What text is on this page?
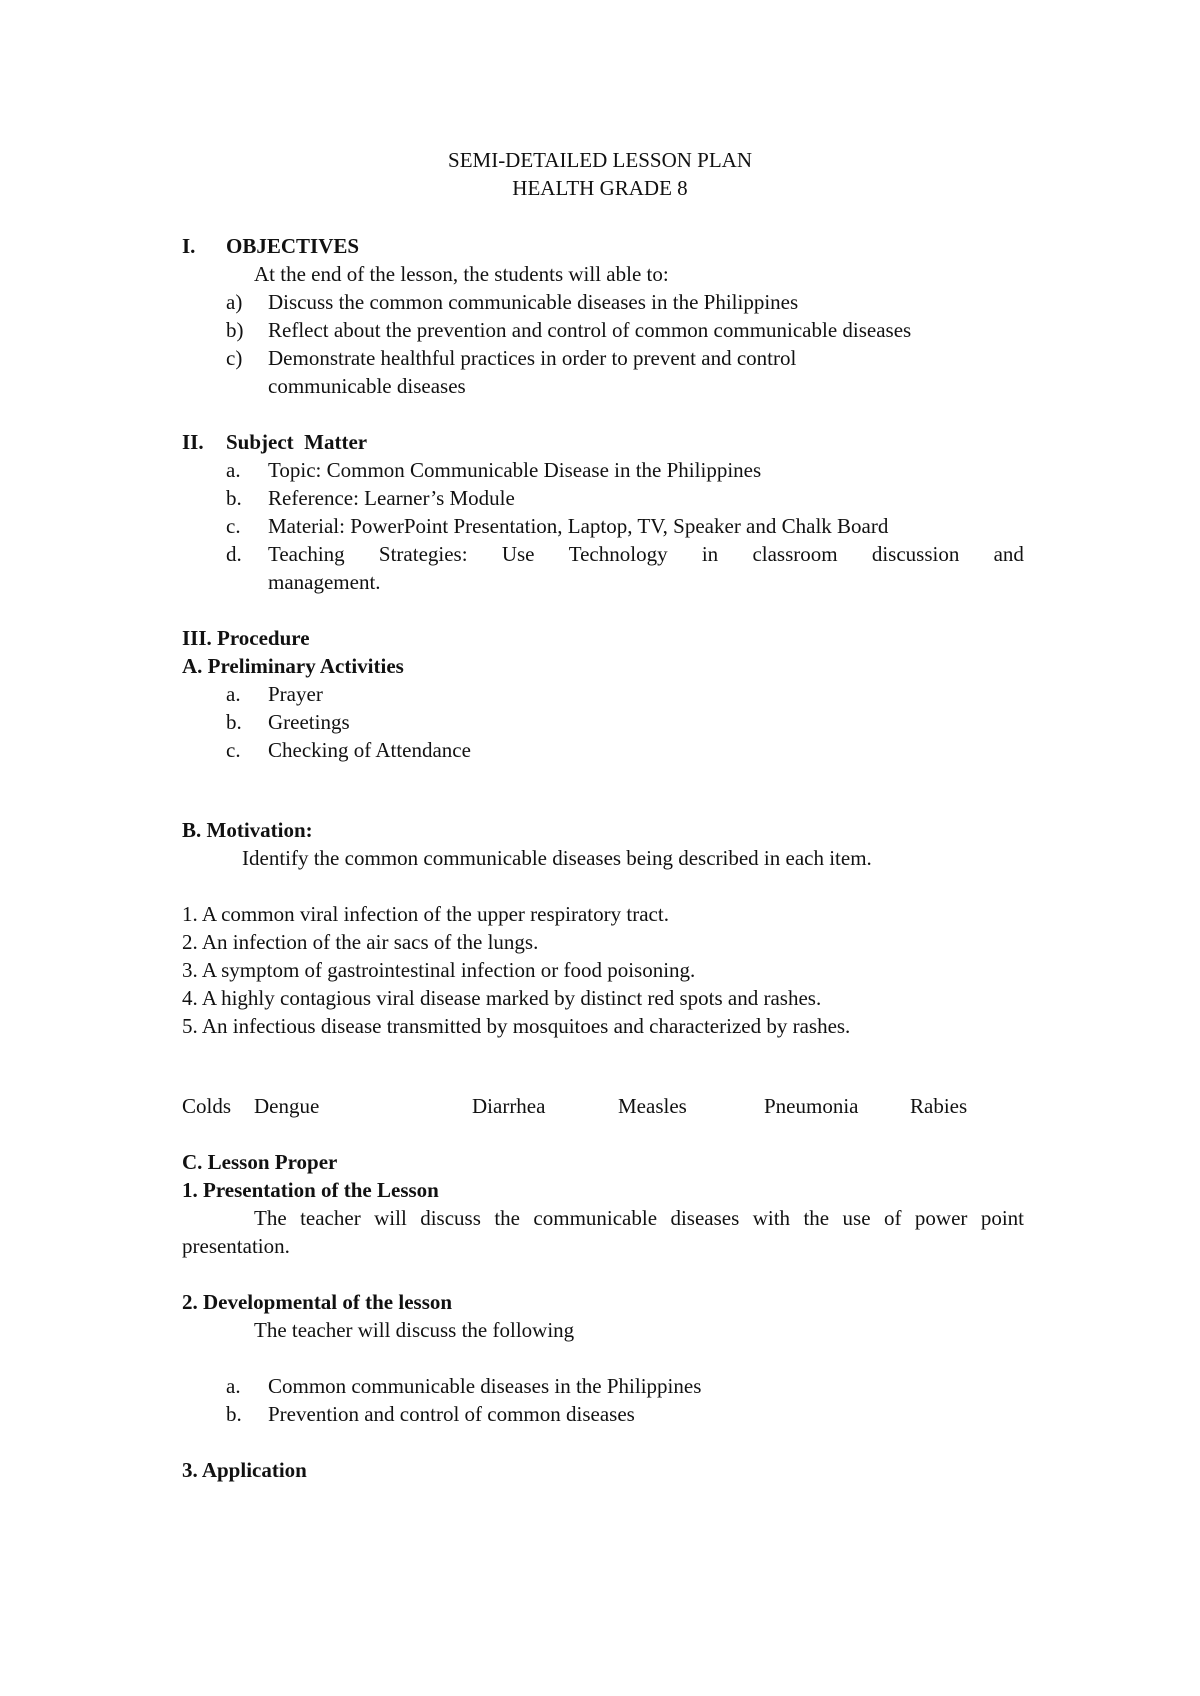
SEMI-DETAILED LESSON PLAN
HEALTH GRADE 8
I. OBJECTIVES
At the end of the lesson, the students will able to:
a) Discuss the common communicable diseases in the Philippines
b) Reflect about the prevention and control of common communicable diseases
c) Demonstrate healthful practices in order to prevent and control
communicable diseases
II. Subject  Matter
a. Topic: Common Communicable Disease in the Philippines
b. Reference: Learner’s Module
c. Material: PowerPoint Presentation, Laptop, TV, Speaker and Chalk Board
d. Teaching Strategies: Use Technology in classroom discussion and
management.
III. Procedure
A. Preliminary Activities
a. Prayer
b. Greetings
c. Checking of Attendance
B. Motivation:
Identify the common communicable diseases being described in each item.
1. A common viral infection of the upper respiratory tract.
2. An infection of the air sacs of the lungs.
3. A symptom of gastrointestinal infection or food poisoning.
4. A highly contagious viral disease marked by distinct red spots and rashes.
5. An infectious disease transmitted by mosquitoes and characterized by rashes.
Colds Dengue	Diarrhea	Measles	Pneumonia Rabies
C. Lesson Proper
1. Presentation of the Lesson
The teacher will discuss the communicable diseases with the use of power point presentation.
2. Developmental of the lesson
The teacher will discuss the following
a. Common communicable diseases in the Philippines
b. Prevention and control of common diseases
3. Application
